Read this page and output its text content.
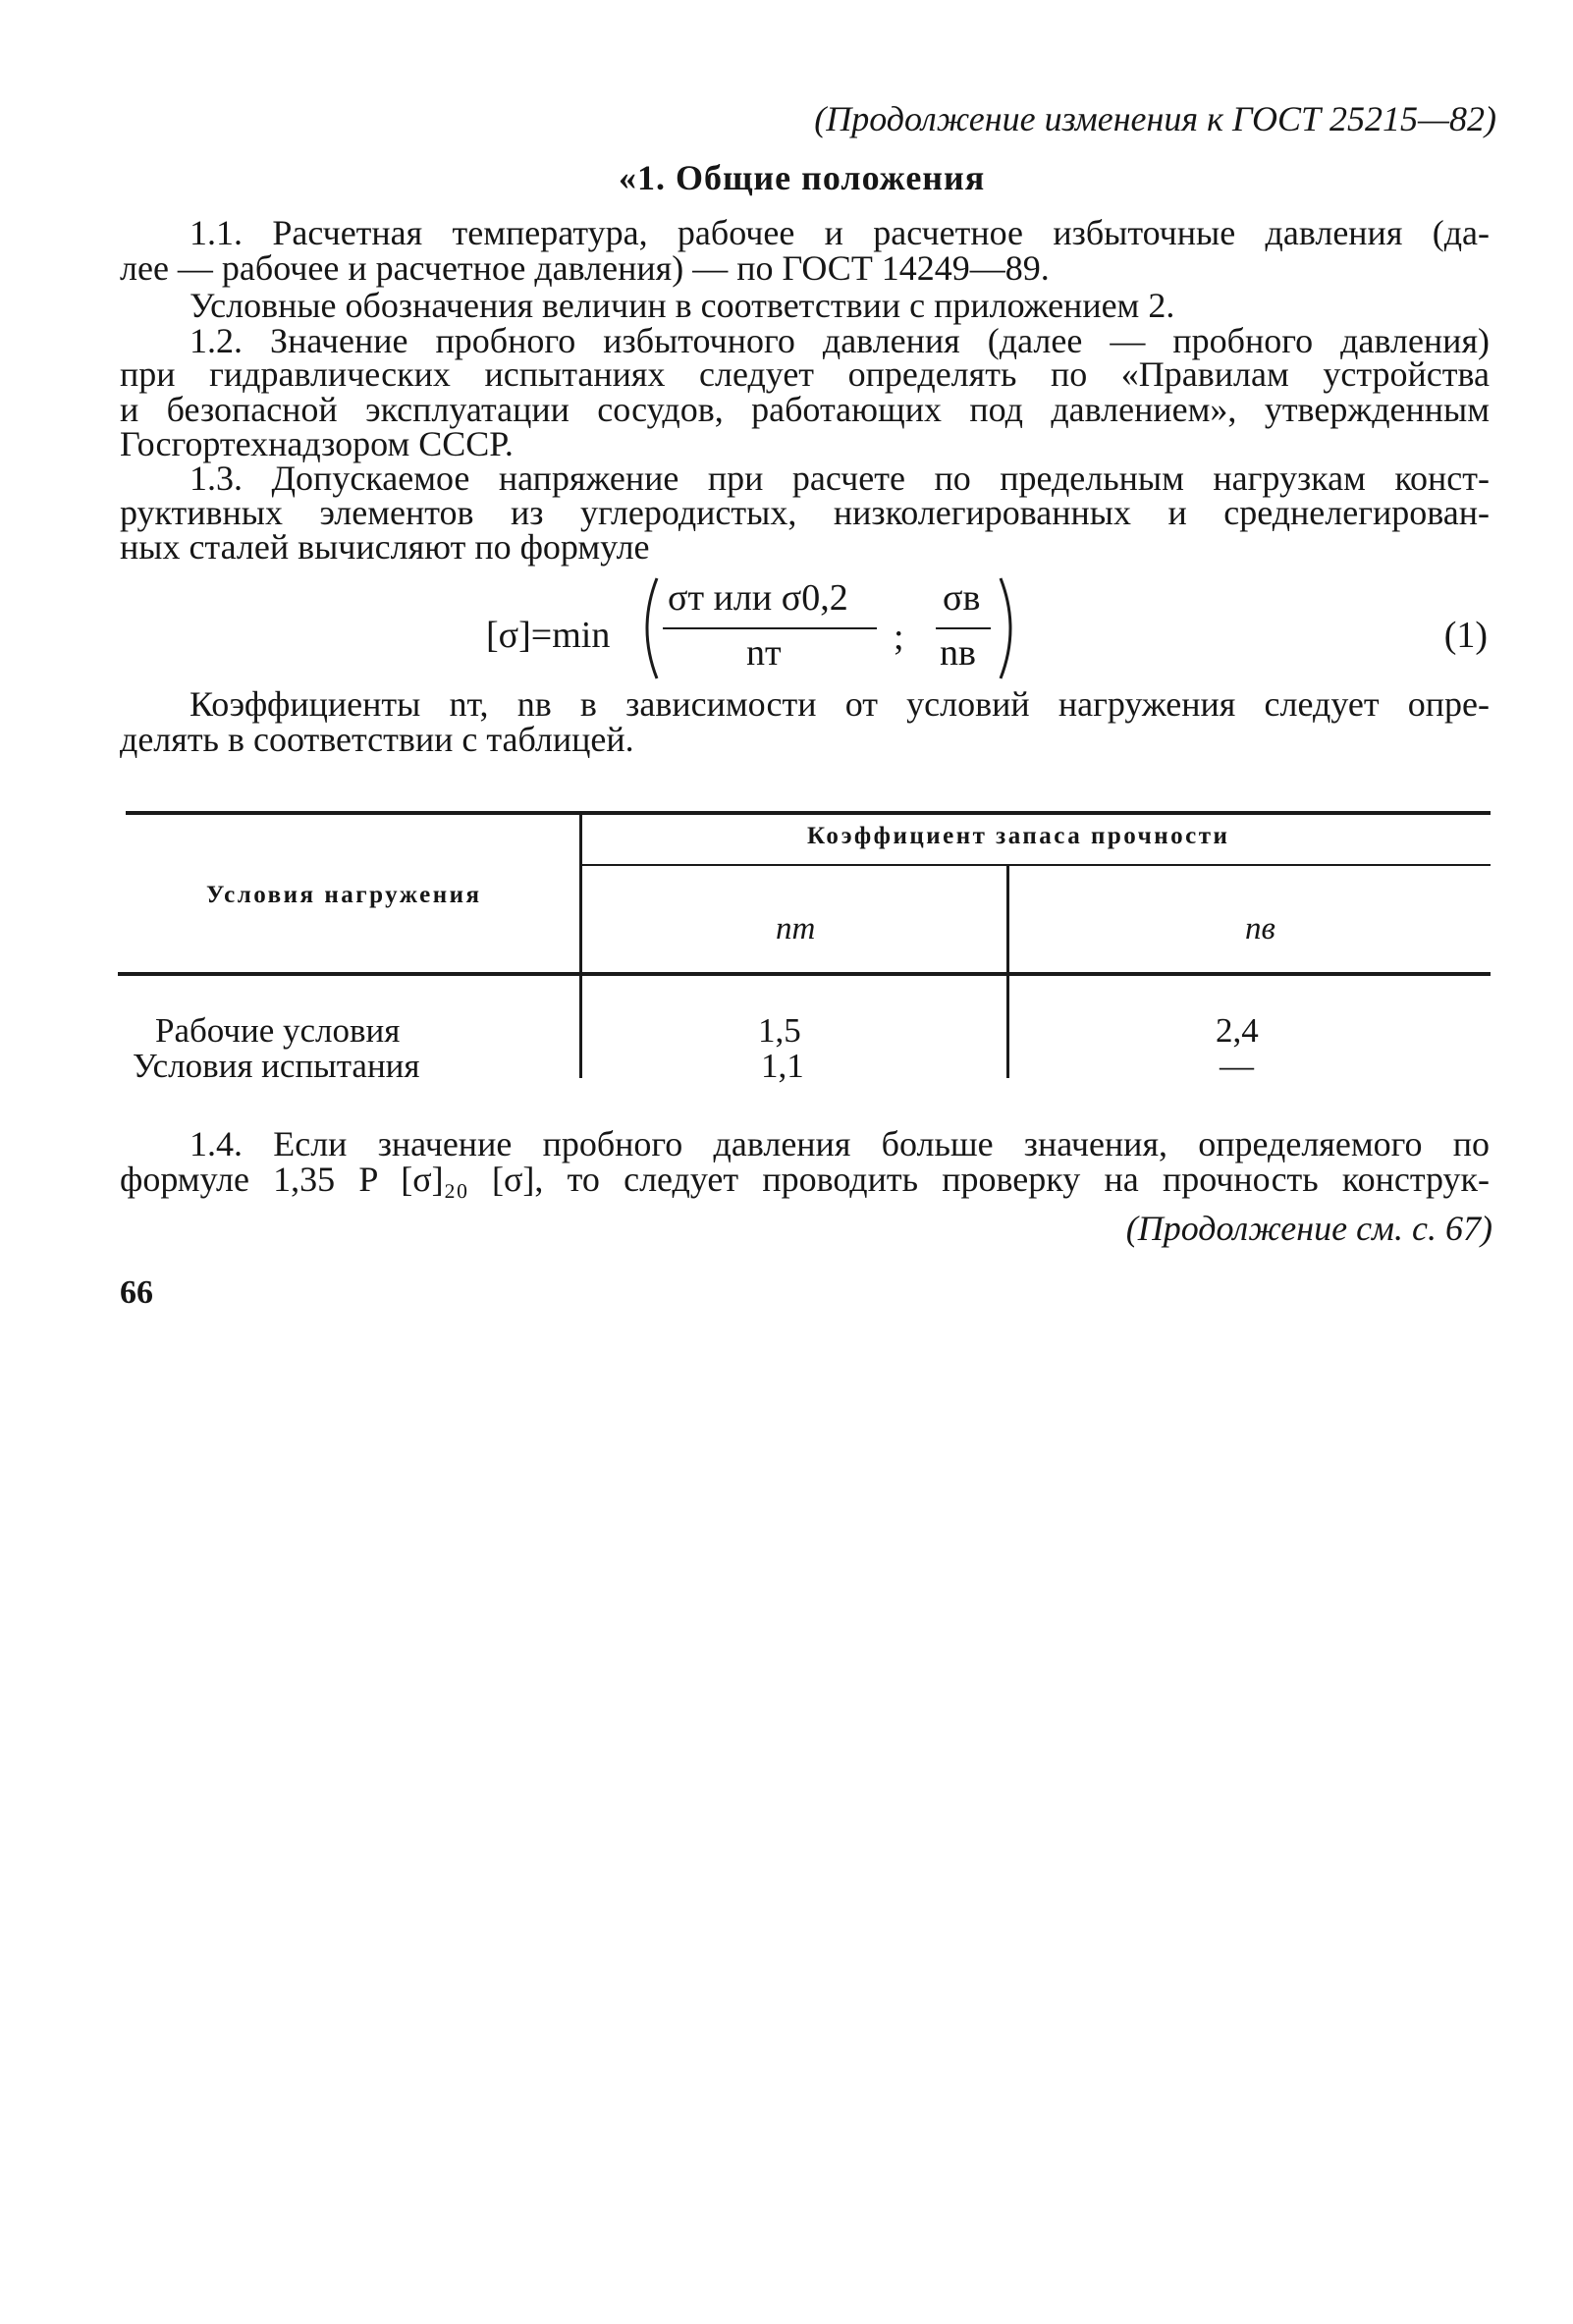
(Продолжение изменения к ГОСТ 25215—82)
«1. Общие положения
1.1. Расчетная температура, рабочее и расчетное избыточные давления (да-
лее — рабочее и расчетное давления) — по ГОСТ 14249—89.
Условные обозначения величин в соответствии с приложением 2.
1.2. Значение пробного избыточного давления (далее — пробного давления)
при гидравлических испытаниях следует определять по «Правилам устройства
и безопасной эксплуатации сосудов, работающих под давлением», утвержденным
Госгортехнадзором СССР.
1.3. Допускаемое напряжение при расчете по предельным нагрузкам конст-
руктивных элементов из углеродистых, низколегированных и среднелегирован-
ных сталей вычисляют по формуле
[σ]=min
σт или σ0,2
nт	;
σв
nв	(1)
Коэффициенты nт, nв в зависимости от условий нагружения следует опре-
делять в соответствии с таблицей.
Условия нагружения
Коэффициент запаса прочности
nт	nв
Рабочие условия	1,5	2,4
Условия испытания	1,1	—
1.4. Если значение пробного давления больше значения, определяемого по
формуле 1,35 P [σ]₂₀ [σ], то следует проводить проверку на прочность конструк-
(Продолжение см. с. 67)
66
